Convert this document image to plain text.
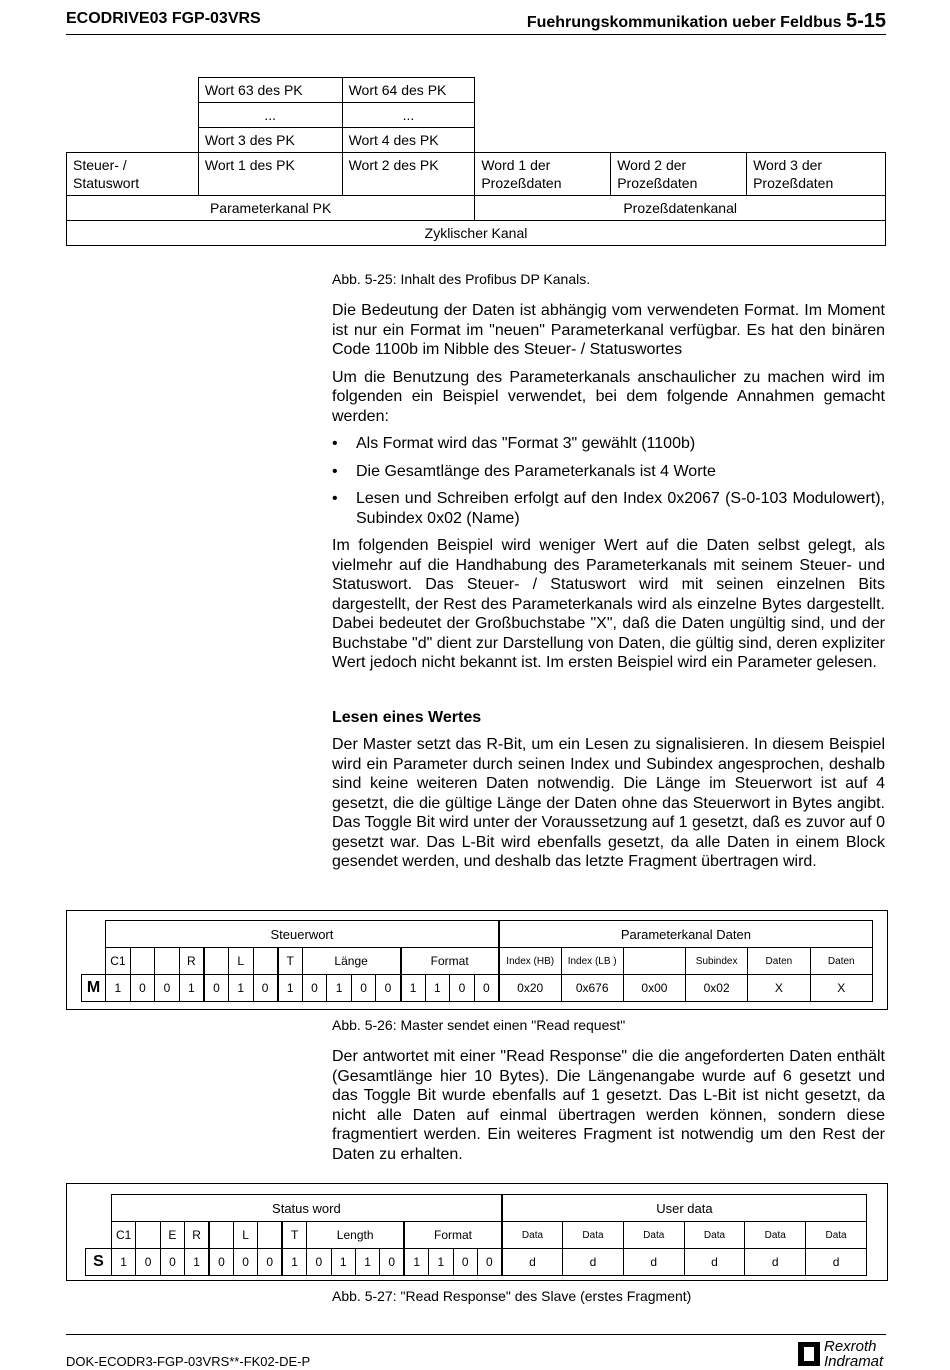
ECODRIVE03 FGP-03VRS	Fuehrungskommunikation ueber Feldbus 5-15
	Wort 63 des PK	Wort 64 des PK			
	...	...			
	Wort 3 des PK	Wort 4 des PK			
Steuer- / Statuswort	Wort 1 des PK	Wort 2 des PK	Word 1 der Prozeßdaten	Word 2 der Prozeßdaten	Word 3 der Prozeßdaten
Parameterkanal PK			Prozeßdatenkanal		
Zyklischer Kanal					
Abb. 5-25: Inhalt des Profibus DP Kanals.

Die Bedeutung der Daten ist abhängig vom verwendeten Format. Im Moment ist nur ein Format im "neuen" Parameterkanal verfügbar. Es hat den binären Code 1100b im Nibble des Steuer- / Statuswortes

Um die Benutzung des Parameterkanals anschaulicher zu machen wird im folgenden ein Beispiel verwendet, bei dem folgende Annahmen gemacht werden:

• Als Format wird das "Format 3" gewählt (1100b)
• Die Gesamtlänge des Parameterkanals ist 4 Worte
• Lesen und Schreiben erfolgt auf den Index 0x2067 (S-0-103 Modulowert), Subindex 0x02 (Name)

Im folgenden Beispiel wird weniger Wert auf die Daten selbst gelegt, als vielmehr auf die Handhabung des Parameterkanals mit seinem Steuer- und Statuswort. Das Steuer- / Statuswort wird mit seinen einzelnen Bits dargestellt, der Rest des Parameterkanals wird als einzelne Bytes dargestellt. Dabei bedeutet der Großbuchstabe "X", daß die Daten ungültig sind, und der Buchstabe "d" dient zur Darstellung von Daten, die gültig sind, deren expliziter Wert jedoch nicht bekannt ist. Im ersten Beispiel wird ein Parameter gelesen.

Lesen eines Wertes

Der Master setzt das R-Bit, um ein Lesen zu signalisieren. In diesem Beispiel wird ein Parameter durch seinen Index und Subindex angesprochen, deshalb sind keine weiteren Daten notwendig. Die Länge im Steuerwort ist auf 4 gesetzt, die die gültige Länge der Daten ohne das Steuerwort in Bytes angibt. Das Toggle Bit wird unter der Voraussetzung auf 1 gesetzt, daß es zuvor auf 0 gesetzt war. Das L-Bit wird ebenfalls gesetzt, da alle Daten in einem Block gesendet werden, und deshalb das letzte Fragment übertragen wird.

	Steuerwort																Parameterkanal Daten					
	C1			R		L		T	Länge				Format				Index (HB)	Index (LB )		Subindex	Daten	Daten
M	1	0	0	1	0	1	0	1	0	1	0	0	1	1	0	0	0x20	0x676	0x00	0x02	X	X
Abb. 5-26: Master sendet einen "Read request"

Der antwortet mit einer "Read Response" die die angeforderten Daten enthält (Gesamtlänge hier 10 Bytes). Die Längenangabe wurde auf 6 gesetzt und das Toggle Bit wurde ebenfalls auf 1 gesetzt. Das L-Bit ist nicht gesetzt, da nicht alle Daten auf einmal übertragen werden können, sondern diese fragmentiert werden. Ein weiteres Fragment ist notwendig um den Rest der Daten zu erhalten.

	Status word																User data					
	C1		E	R		L		T	Length				Format				Data	Data	Data	Data	Data	Data
S	1	0	0	1	0	0	0	1	0	1	1	0	1	1	0	0	d	d	d	d	d	d
Abb. 5-27: "Read Response" des Slave (erstes Fragment)
DOK-ECODR3-FGP-03VRS**-FK02-DE-P
Rexroth
Indramat
